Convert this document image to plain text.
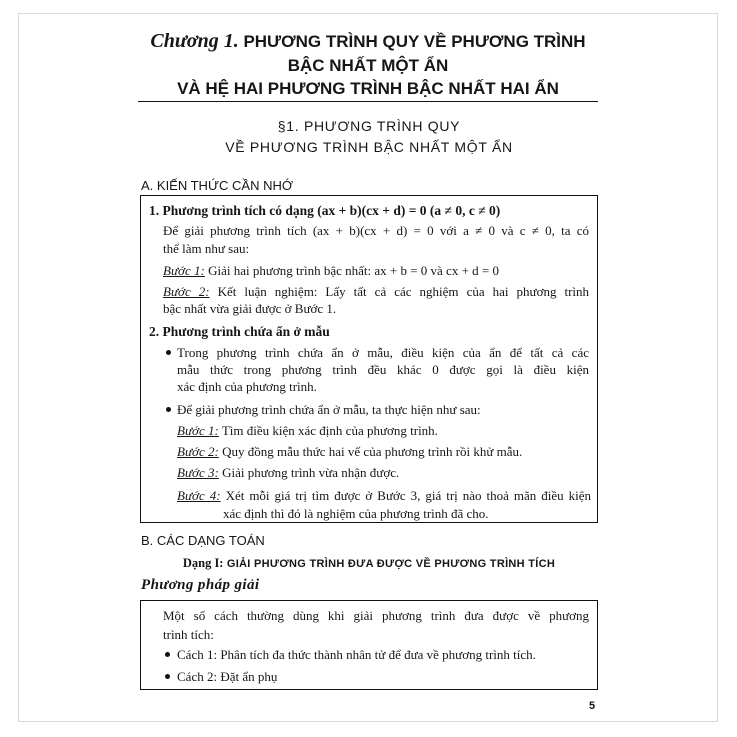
Chương 1. PHƯƠNG TRÌNH QUY VỀ PHƯƠNG TRÌNH
BẬC NHẤT MỘT ẨN
VÀ HỆ HAI PHƯƠNG TRÌNH BẬC NHẤT HAI ẨN
§1. PHƯƠNG TRÌNH QUY
VỀ PHƯƠNG TRÌNH BẬC NHẤT MỘT ẨN
A. KIẾN THỨC CẦN NHỚ
1. Phương trình tích có dạng (ax + b)(cx + d) = 0 (a ≠ 0, c ≠ 0)
Để giải phương trình tích (ax + b)(cx + d) = 0 với a ≠ 0 và c ≠ 0, ta có
thể làm như sau:
Bước 1: Giải hai phương trình bậc nhất: ax + b = 0 và cx + d = 0
Bước 2: Kết luận nghiệm: Lấy tất cả các nghiệm của hai phương trình
bậc nhất vừa giải được ở Bước 1.
2. Phương trình chứa ẩn ở mẫu
Trong phương trình chứa ẩn ở mẫu, điều kiện của ẩn để tất cả các
mẫu thức trong phương trình đều khác 0 được gọi là điều kiện
xác định của phương trình.
Để giải phương trình chứa ẩn ở mẫu, ta thực hiện như sau:
Bước 1: Tìm điều kiện xác định của phương trình.
Bước 2: Quy đồng mẫu thức hai vế của phương trình rồi khử mẫu.
Bước 3: Giải phương trình vừa nhận được.
Bước 4: Xét mỗi giá trị tìm được ở Bước 3, giá trị nào thoả mãn điều kiện
xác định thì đó là nghiệm của phương trình đã cho.
B. CÁC DẠNG TOÁN
Dạng I: GIẢI PHƯƠNG TRÌNH ĐƯA ĐƯỢC VỀ PHƯƠNG TRÌNH TÍCH
Phương pháp giải
Một số cách thường dùng khi giải phương trình đưa được về phương
trình tích:
Cách 1: Phân tích đa thức thành nhân tử để đưa về phương trình tích.
Cách 2: Đặt ẩn phụ
5
